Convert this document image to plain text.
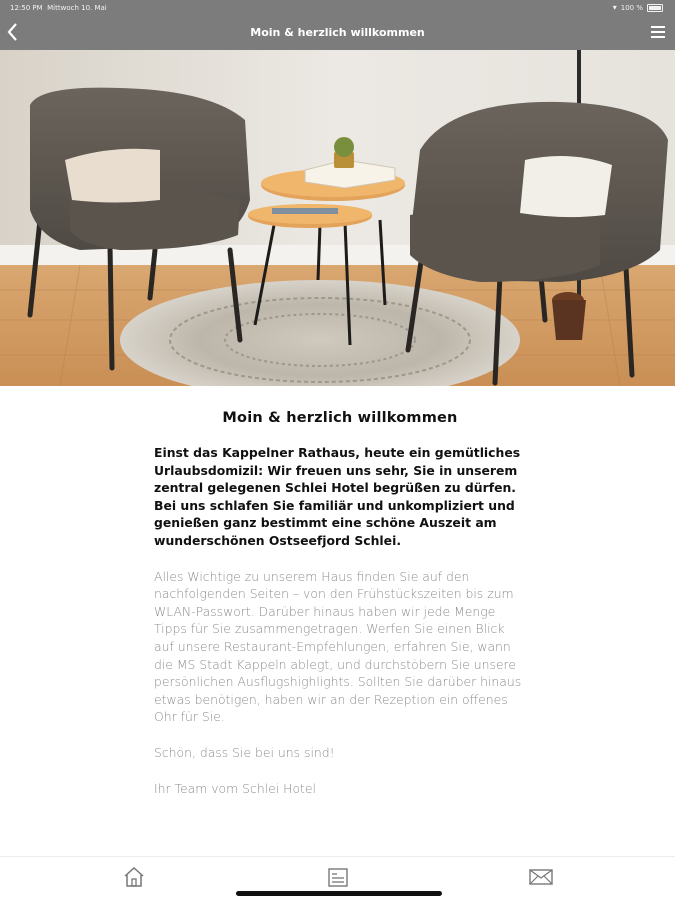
12:50 PM Mittwoch 10. Mai	▾ 100 %
Moin & herzlich willkommen
Moin & herzlich willkommen

Einst das Kappelner Rathaus, heute ein gemütliches Urlaubsdomizil: Wir freuen uns sehr, Sie in unserem zentral gelegenen Schlei Hotel begrüßen zu dürfen. Bei uns schlafen Sie familiär und unkompliziert und genießen ganz bestimmt eine schöne Auszeit am wunderschönen Ostseefjord Schlei.

Alles Wichtige zu unserem Haus finden Sie auf den nachfolgenden Seiten – von den Frühstückszeiten bis zum WLAN-Passwort. Darüber hinaus haben wir jede Menge Tipps für Sie zusammengetragen. Werfen Sie einen Blick auf unsere Restaurant-Empfehlungen, erfahren Sie, wann die MS Stadt Kappeln ablegt, und durchstöbern Sie unsere persönlichen Ausflugshighlights. Sollten Sie darüber hinaus etwas benötigen, haben wir an der Rezeption ein offenes Ohr für Sie.

Schön, dass Sie bei uns sind!

Ihr Team vom Schlei Hotel
